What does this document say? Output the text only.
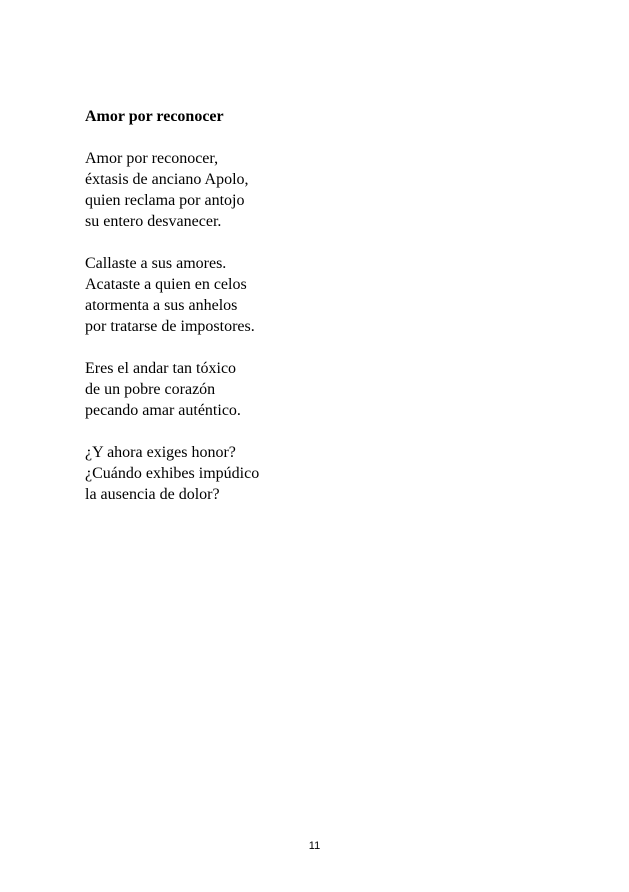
Amor por reconocer
Amor por reconocer,
éxtasis de anciano Apolo,
quien reclama por antojo
su entero desvanecer.
Callaste a sus amores.
Acataste a quien en celos
atormenta a sus anhelos
por tratarse de impostores.
Eres el andar tan tóxico
de un pobre corazón
pecando amar auténtico.
¿Y ahora exiges honor?
¿Cuándo exhibes impúdico
la ausencia de dolor?
11
